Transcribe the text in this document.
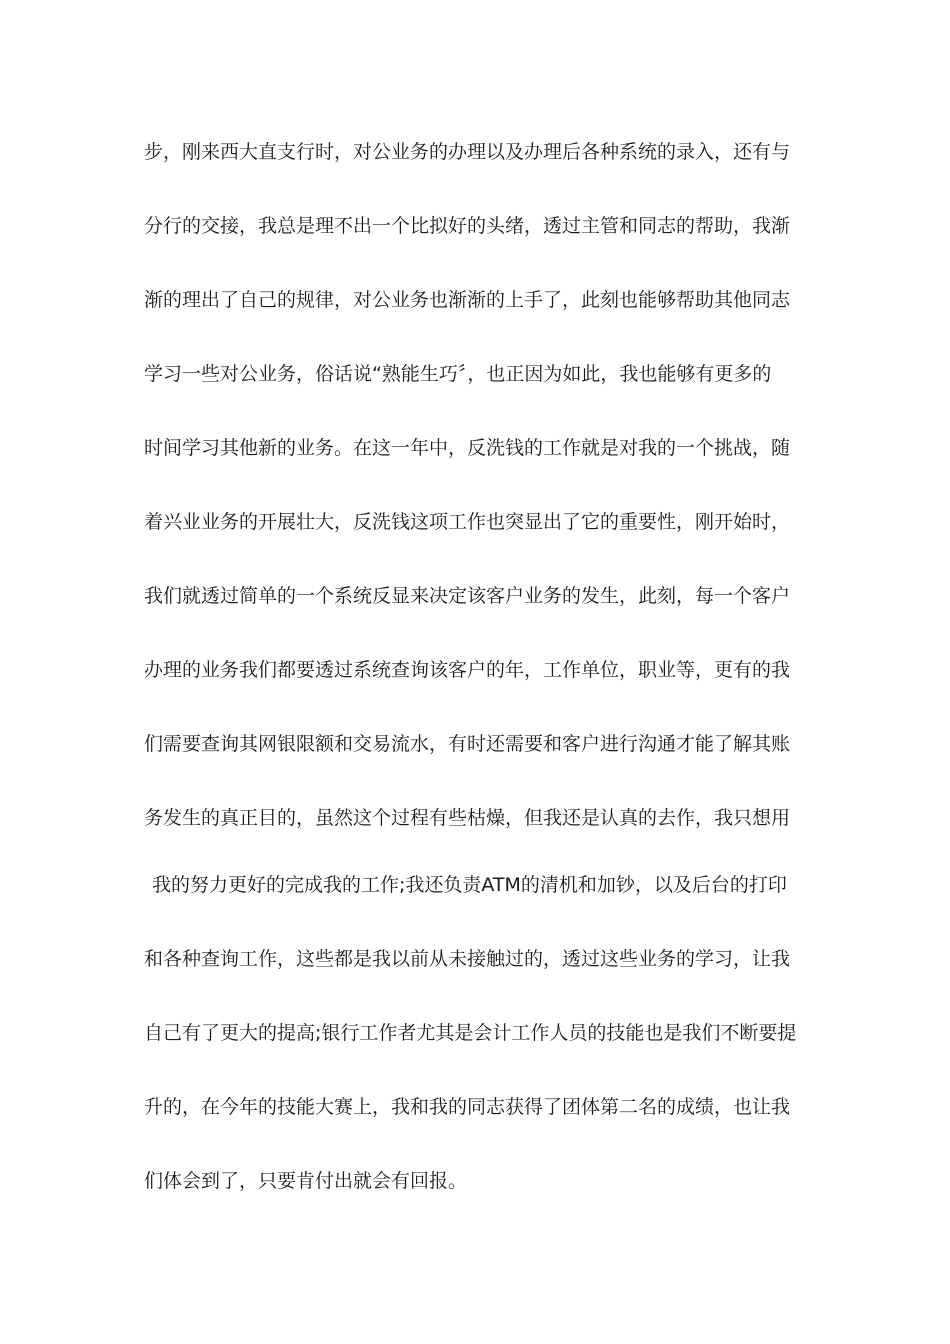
步，刚来西大直支行时，对公业务的办理以及办理后各种系统的录入，还有与
分行的交接，我总是理不出一个比拟好的头绪，透过主管和同志的帮助，我渐
渐的理出了自己的规律，对公业务也渐渐的上手了，此刻也能够帮助其他同志
学习一些对公业务，俗话说“熟能生巧〞，也正因为如此，我也能够有更多的
时间学习其他新的业务。在这一年中，反洗钱的工作就是对我的一个挑战，随
着兴业业务的开展壮大，反洗钱这项工作也突显出了它的重要性，刚开始时，
我们就透过简单的一个系统反显来决定该客户业务的发生，此刻，每一个客户
办理的业务我们都要透过系统查询该客户的年，工作单位，职业等，更有的我
们需要查询其网银限额和交易流水，有时还需要和客户进行沟通才能了解其账
务发生的真正目的，虽然这个过程有些枯燥，但我还是认真的去作，我只想用
我的努力更好的完成我的工作;我还负责ATM的清机和加钞，以及后台的打印
和各种查询工作，这些都是我以前从未接触过的，透过这些业务的学习，让我
自己有了更大的提高;银行工作者尤其是会计工作人员的技能也是我们不断要提
升的，在今年的技能大赛上，我和我的同志获得了团体第二名的成绩，也让我
们体会到了，只要肯付出就会有回报。
